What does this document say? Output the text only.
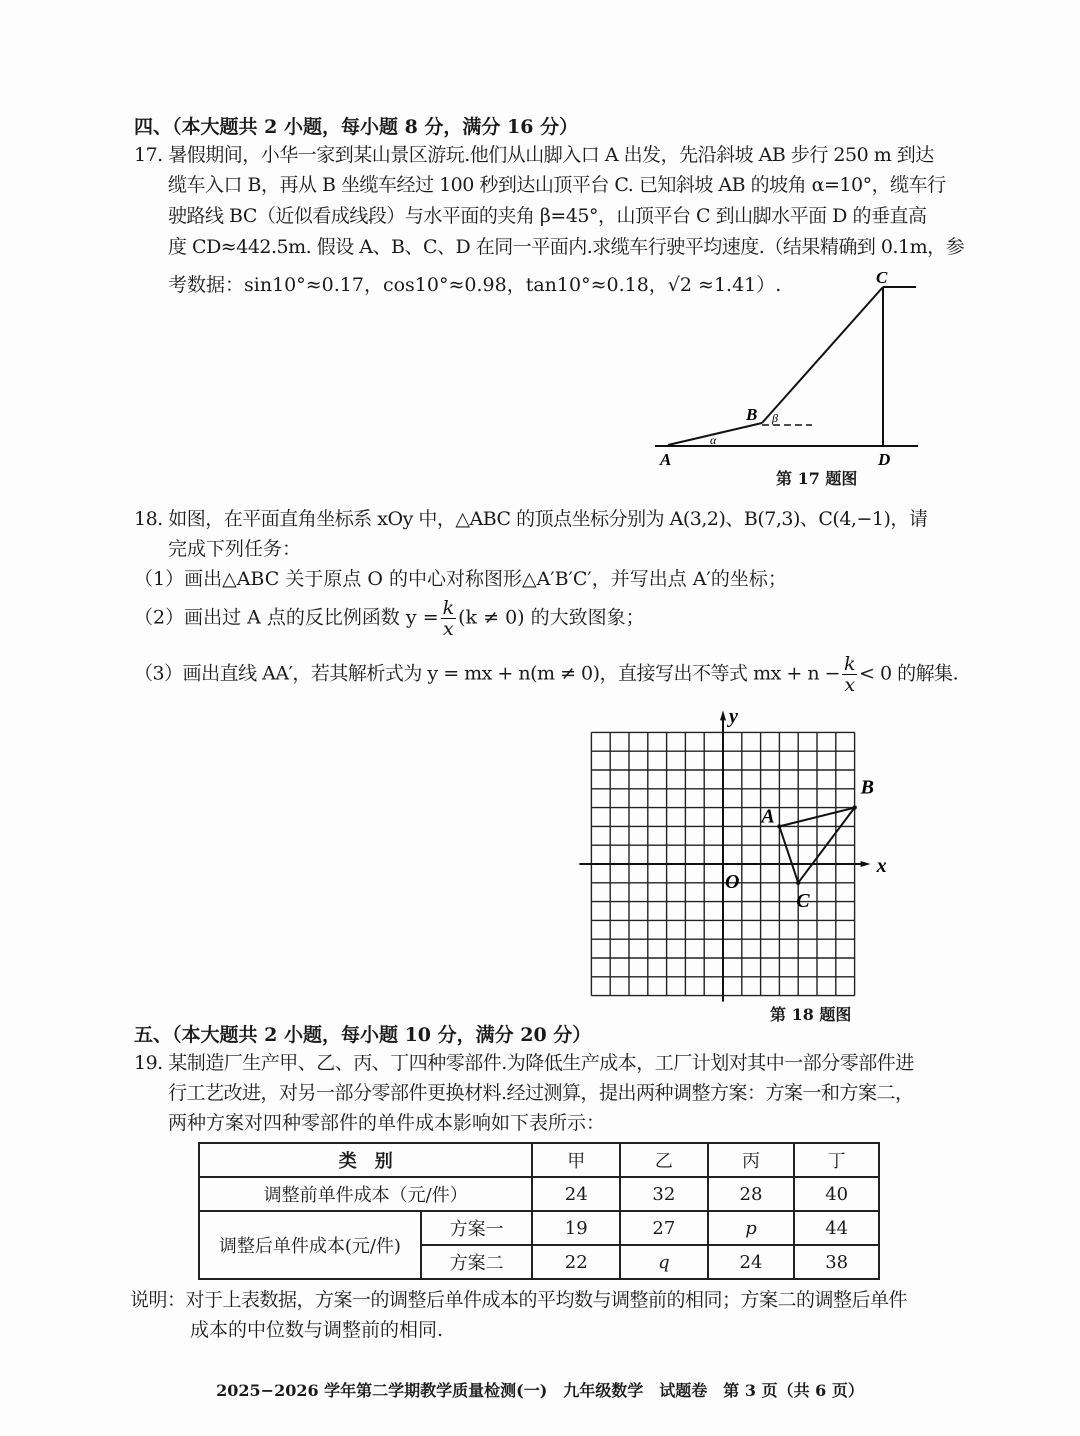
四、（本大题共 2 小题，每小题 8 分，满分 16 分）
17. 暑假期间，小华一家到某山景区游玩.他们从山脚入口 A 出发，先沿斜坡 AB 步行 250 m 到达
缆车入口 B，再从 B 坐缆车经过 100 秒到达山顶平台 C. 已知斜坡 AB 的坡角 α=10°，缆车行
驶路线 BC（近似看成线段）与水平面的夹角 β=45°，山顶平台 C 到山脚水平面 D 的垂直高
度 CD≈442.5m. 假设 A、B、C、D 在同一平面内.求缆车行驶平均速度.（结果精确到 0.1m，参
考数据：sin10°≈0.17，cos10°≈0.98，tan10°≈0.18，√2 ≈1.41）.
A
B
C
D
α
β
第 17 题图
18. 如图，在平面直角坐标系 xOy 中，△ABC 的顶点坐标分别为 A(3,2)、B(7,3)、C(4,−1)，请
完成下列任务：
（1）画出△ABC 关于原点 O 的中心对称图形△A′B′C′，并写出点 A′的坐标；
（2）画出过 A 点的反比例函数 $y = \frac{k}{x} (k \ne 0)$ 的大致图象；
（3）画出直线 AA′，若其解析式为 y = mx + n(m ≠ 0)，直接写出不等式 mx + $n - \frac{k}{x} < 0$ 的解集.
x
y
O
A
B
C
第 18 题图
五、（本大题共 2 小题，每小题 10 分，满分 20 分）
19. 某制造厂生产甲、乙、丙、丁四种零部件.为降低生产成本，工厂计划对其中一部分零部件进
行工艺改进，对另一部分零部件更换材料.经过测算，提出两种调整方案：方案一和方案二，
两种方案对四种零部件的单件成本影响如下表所示：
类　别		甲	乙	丙	丁
调整前单件成本（元/件）		24	32	28	40
调整后单件成本(元/件)	方案一	19	27	p	44
	方案二	22	q	24	38
说明：对于上表数据，方案一的调整后单件成本的平均数与调整前的相同；方案二的调整后单件
成本的中位数与调整前的相同.
2025−2026 学年第二学期教学质量检测(一)　九年级数学　试题卷　第 3 页（共 6 页）
